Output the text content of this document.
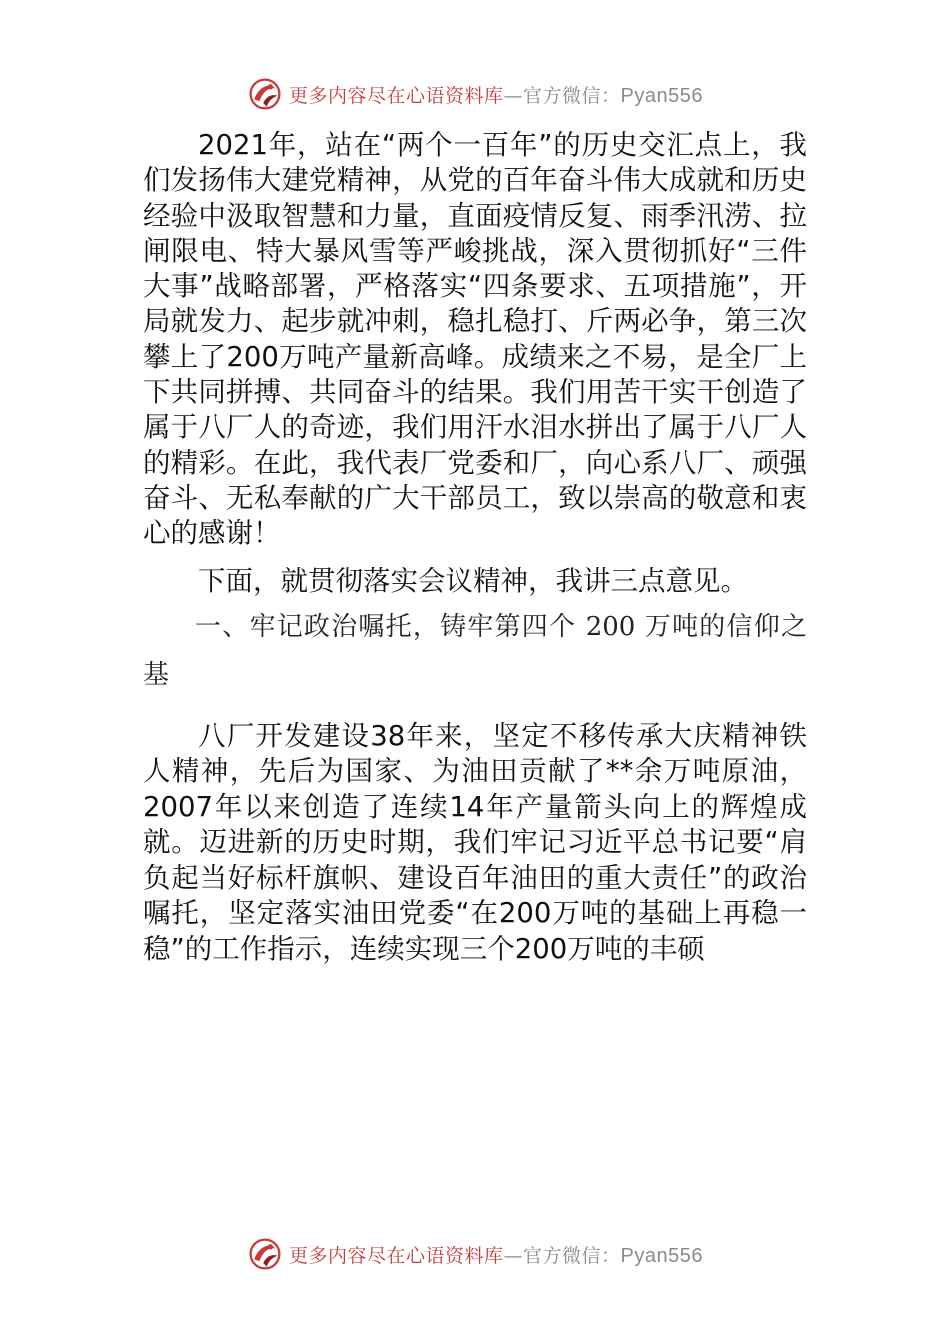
更多内容尽在心语资料库—官方微信：Pyan556

2021年，站在“两个一百年”的历史交汇点上，我们发扬伟大建党精神，从党的百年奋斗伟大成就和历史经验中汲取智慧和力量，直面疫情反复、雨季汛涝、拉闸限电、特大暴风雪等严峻挑战，深入贯彻抓好“三件大事”战略部署，严格落实“四条要求、五项措施”，开局就发力、起步就冲刺，稳扎稳打、斤两必争，第三次攀上了200万吨产量新高峰。成绩来之不易，是全厂上下共同拼搏、共同奋斗的结果。我们用苦干实干创造了属于八厂人的奇迹，我们用汗水泪水拼出了属于八厂人的精彩。在此，我代表厂党委和厂，向心系八厂、顽强奋斗、无私奉献的广大干部员工，致以崇高的敬意和衷心的感谢！

下面，就贯彻落实会议精神，我讲三点意见。

一、牢记政治嘱托，铸牢第四个 200 万吨的信仰之基

八厂开发建设38年来，坚定不移传承大庆精神铁人精神，先后为国家、为油田贡献了**余万吨原油，2007年以来创造了连续14年产量箭头向上的辉煌成就。迈进新的历史时期，我们牢记习近平总书记要“肩负起当好标杆旗帜、建设百年油田的重大责任”的政治嘱托，坚定落实油田党委“在200万吨的基础上再稳一稳”的工作指示，连续实现三个200万吨的丰硕

更多内容尽在心语资料库—官方微信：Pyan556
